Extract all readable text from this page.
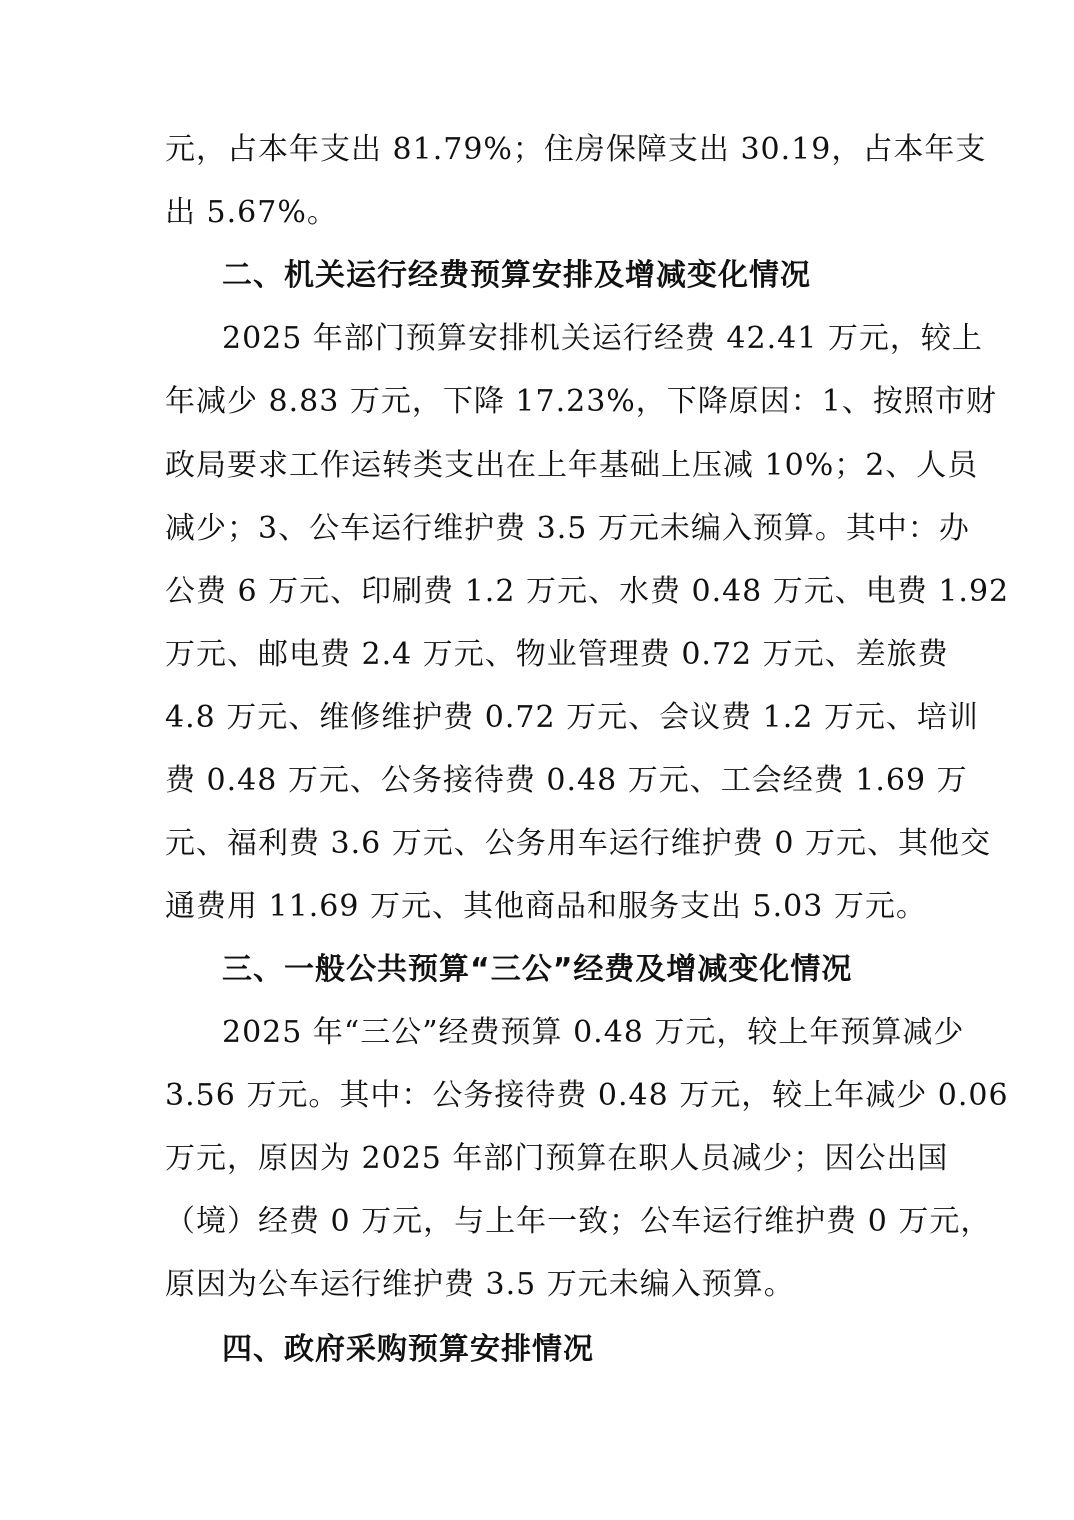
元，占本年支出 81.79%；住房保障支出 30.19，占本年支
出 5.67%。
二、机关运行经费预算安排及增减变化情况
2025 年部门预算安排机关运行经费 42.41 万元，较上
年减少 8.83 万元，下降 17.23%，下降原因：1、按照市财
政局要求工作运转类支出在上年基础上压减 10%；2、人员
减少；3、公车运行维护费 3.5 万元未编入预算。其中：办
公费 6 万元、印刷费 1.2 万元、水费 0.48 万元、电费 1.92
万元、邮电费 2.4 万元、物业管理费 0.72 万元、差旅费
4.8 万元、维修维护费 0.72 万元、会议费 1.2 万元、培训
费 0.48 万元、公务接待费 0.48 万元、工会经费 1.69 万
元、福利费 3.6 万元、公务用车运行维护费 0 万元、其他交
通费用 11.69 万元、其他商品和服务支出 5.03 万元。
三、一般公共预算“三公”经费及增减变化情况
2025 年“三公”经费预算 0.48 万元，较上年预算减少
3.56 万元。其中：公务接待费 0.48 万元，较上年减少 0.06
万元，原因为 2025 年部门预算在职人员减少；因公出国
（境）经费 0 万元，与上年一致；公车运行维护费 0 万元，
原因为公车运行维护费 3.5 万元未编入预算。
四、政府采购预算安排情况
